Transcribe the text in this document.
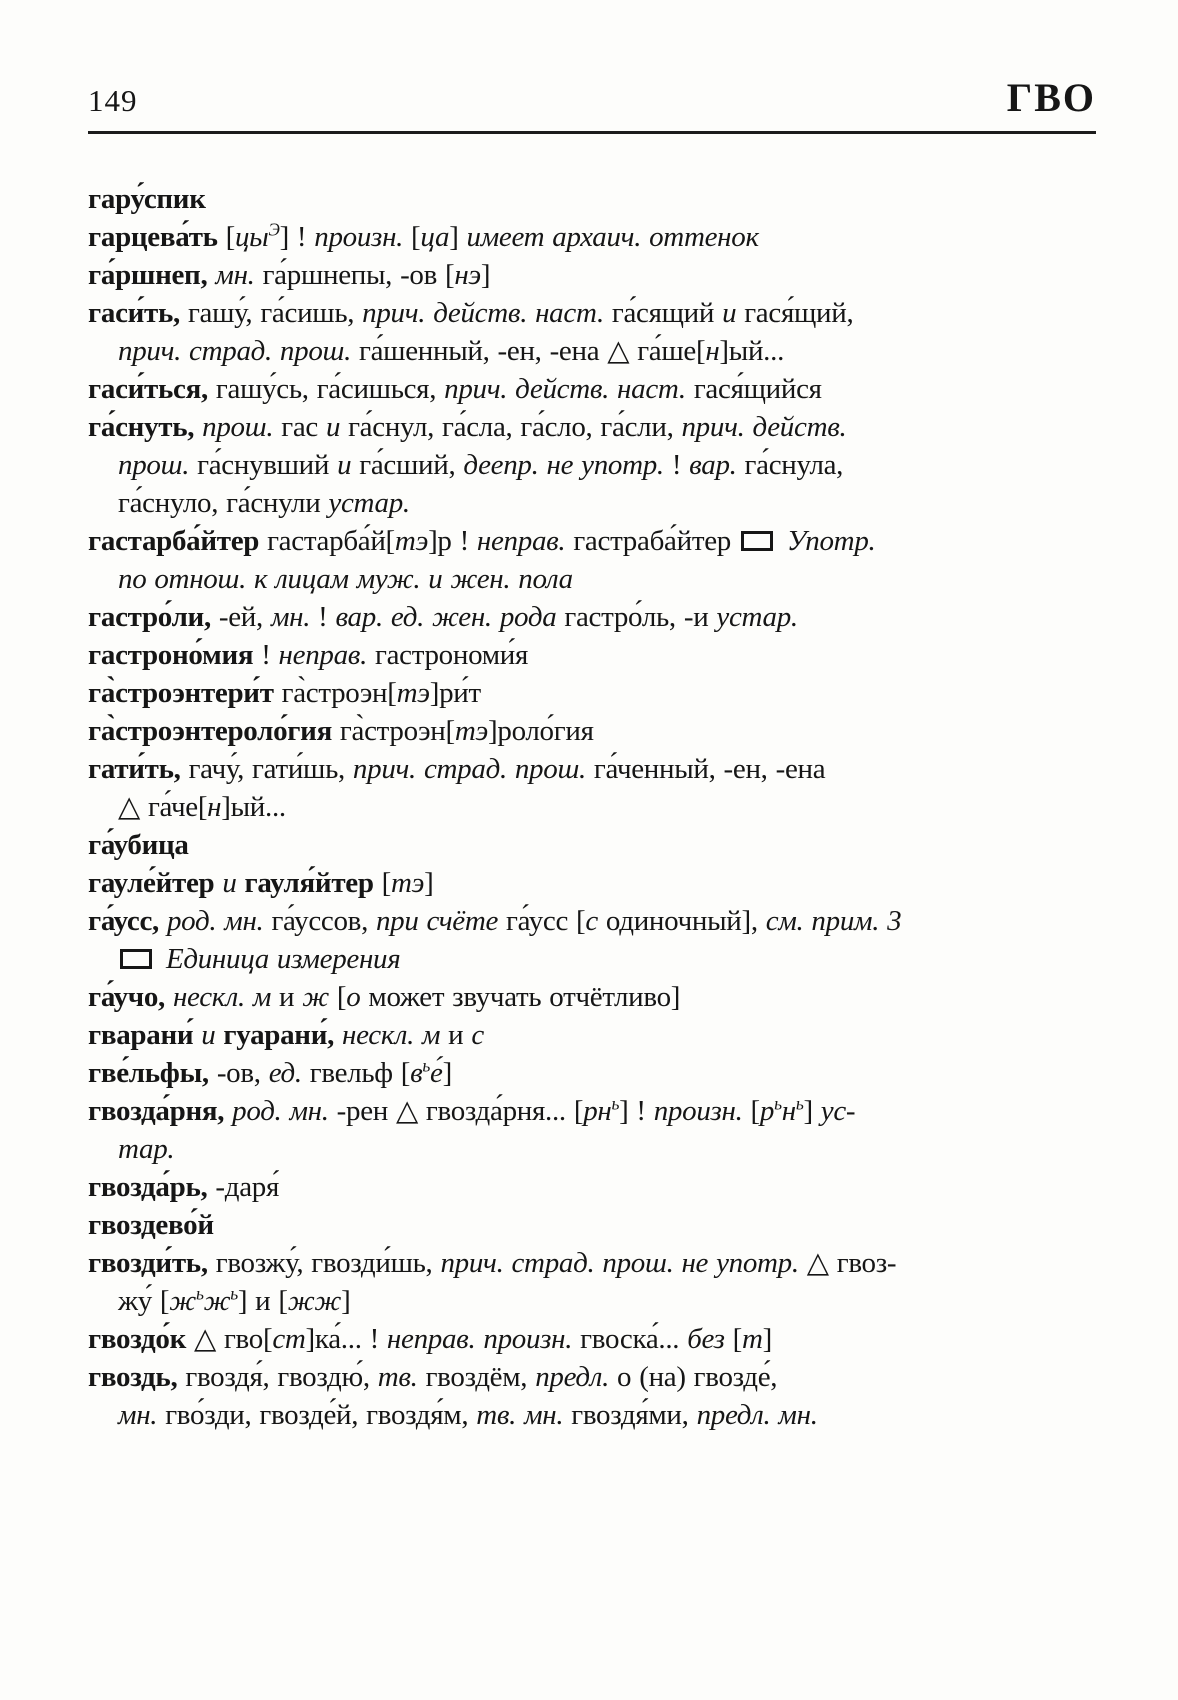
149	ГВО

гару́спик

гарцева́ть $[цы^Э]$ ! произн. [ца] имеет архаич. оттенок

га́ршнеп, мн. га́ршнепы, -ов [нэ]

гаси́ть, гашу́, га́сишь, прич. действ. наст. га́сящий и гася́щий,
прич. страд. прош. га́шенный, -ен, -ена △ га́ше[н]ый...

гаси́ться, гашу́сь, га́сишься, прич. действ. наст. гася́щийся

га́снуть, прош. гас и га́снул, га́сла, га́сло, га́сли, прич. действ.
прош. га́снувший и га́сший, деепр. не употр. ! вар. га́снула,
га́снуло, га́снули устар.

гастарба́йтер гастарба́й[тэ]р ! неправ. гастраба́йтер  Употр.
по отнош. к лицам муж. и жен. пола

гастро́ли, -ей, мн. ! вар. ед. жен. рода гастро́ль, -и устар.

гастроно́мия ! неправ. гастрономи́я

га̀строэнтери́т га̀строэн[тэ]ри́т

га̀строэнтероло́гия га̀строэн[тэ]роло́гия

гати́ть, гачу́, гати́шь, прич. страд. прош. га́ченный, -ен, -ена
△ га́че[н]ый...

га́убица

гауле́йтер и гауля́йтер [тэ]

га́усс, род. мн. га́уссов, при счёте га́усс [с одиночный], см. прим. 3
Единица измерения

га́учо, нескл. м и ж [о может звучать отчётливо]

гварани́ и гуарани́, нескл. м и с

гве́льфы, -ов, ед. гвельф $[в^ье́]$

гвозда́рня, род. мн. -рен △ гвозда́рня... $[рн^ь]$ ! произн. $[р^ьн^ь]$ ус-
тар.

гвозда́рь, -даря́

гвоздево́й

гвозди́ть, гвозжу́, гвозди́шь, прич. страд. прош. не употр. △ гвоз-
жу́ $[ж^ьж^ь]$ и [жж]

гвоздо́к △ гво[ст]ка́... ! неправ. произн. гвоска́... без [т]

гвоздь, гвоздя́, гвоздю́, тв. гвоздём, предл. о (на) гвозде́,
мн. гво́зди, гвозде́й, гвоздя́м, тв. мн. гвоздя́ми, предл. мн.
